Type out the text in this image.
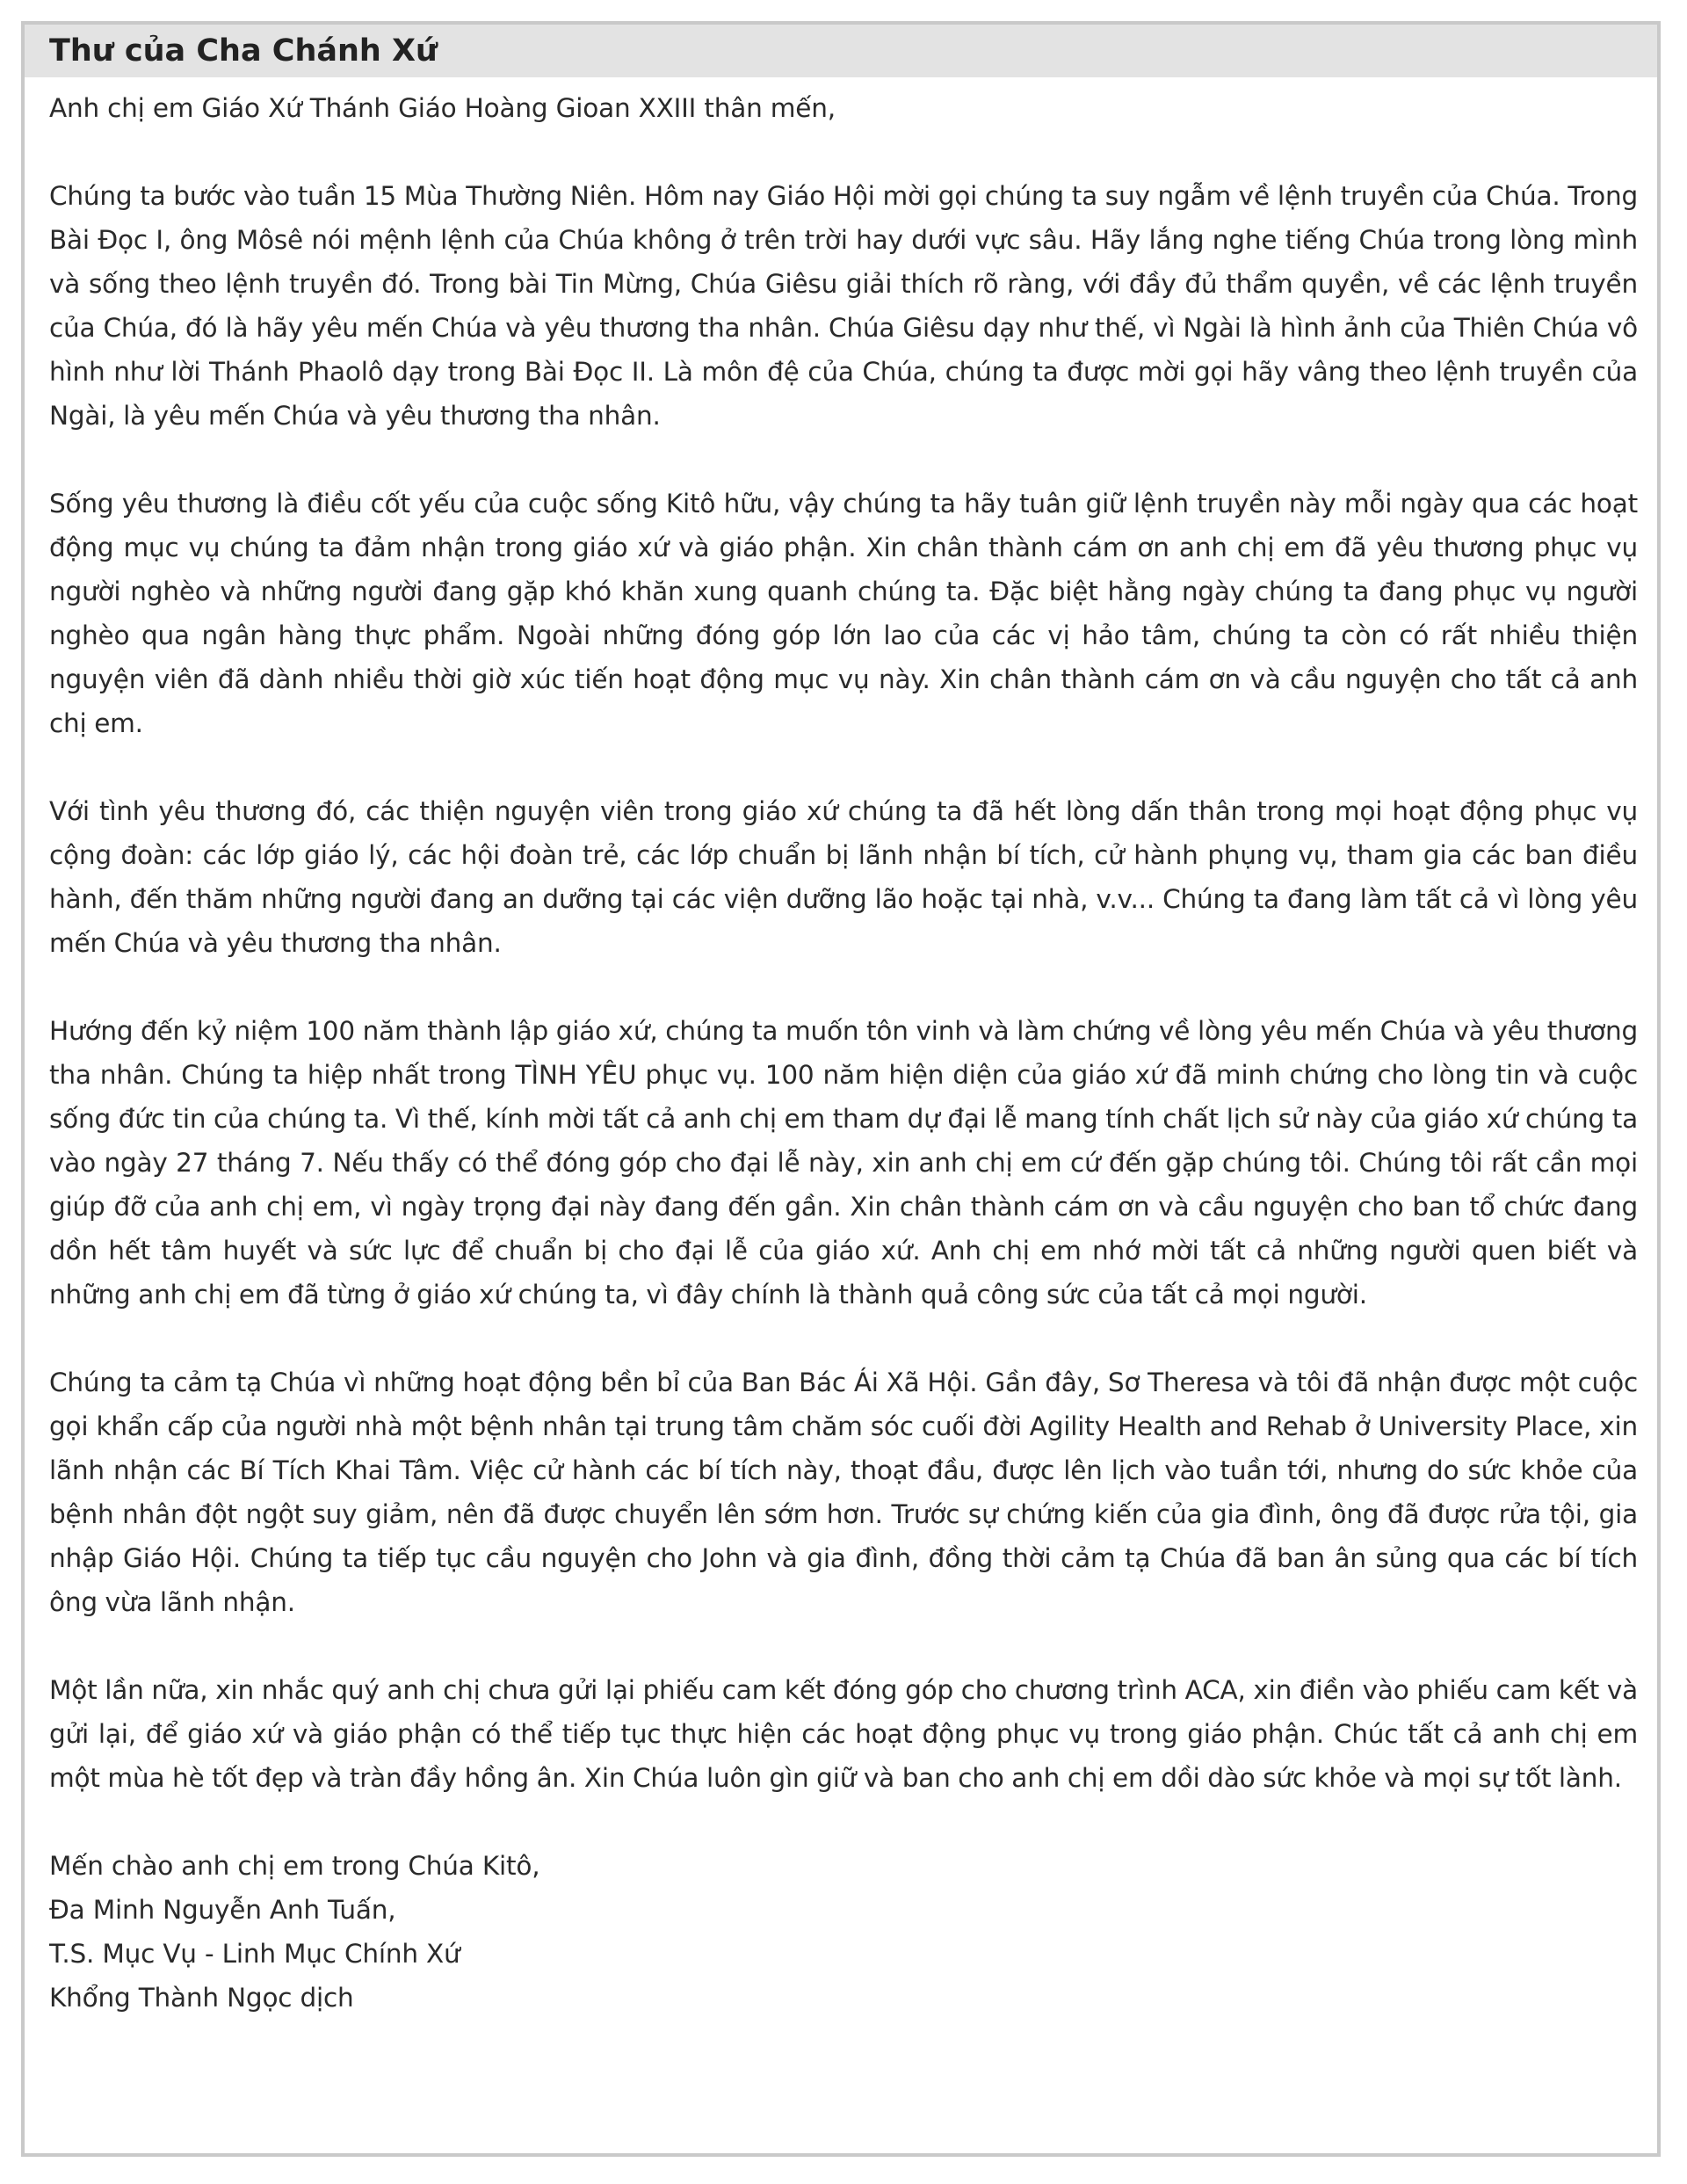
Thư của Cha Chánh Xứ

Anh chị em Giáo Xứ Thánh Giáo Hoàng Gioan XXIII thân mến,

Chúng ta bước vào tuần 15 Mùa Thường Niên. Hôm nay Giáo Hội mời gọi chúng ta suy ngẫm về lệnh truyền của Chúa. Trong Bài Đọc I, ông Môsê nói mệnh lệnh của Chúa không ở trên trời hay dưới vực sâu. Hãy lắng nghe tiếng Chúa trong lòng mình và sống theo lệnh truyền đó. Trong bài Tin Mừng, Chúa Giêsu giải thích rõ ràng, với đầy đủ thẩm quyền, về các lệnh truyền của Chúa, đó là hãy yêu mến Chúa và yêu thương tha nhân. Chúa Giêsu dạy như thế, vì Ngài là hình ảnh của Thiên Chúa vô hình như lời Thánh Phaolô dạy trong Bài Đọc II. Là môn đệ của Chúa, chúng ta được mời gọi hãy vâng theo lệnh truyền của Ngài, là yêu mến Chúa và yêu thương tha nhân.

Sống yêu thương là điều cốt yếu của cuộc sống Kitô hữu, vậy chúng ta hãy tuân giữ lệnh truyền này mỗi ngày qua các hoạt động mục vụ chúng ta đảm nhận trong giáo xứ và giáo phận. Xin chân thành cám ơn anh chị em đã yêu thương phục vụ người nghèo và những người đang gặp khó khăn xung quanh chúng ta. Đặc biệt hằng ngày chúng ta đang phục vụ người nghèo qua ngân hàng thực phẩm. Ngoài những đóng góp lớn lao của các vị hảo tâm, chúng ta còn có rất nhiều thiện nguyện viên đã dành nhiều thời giờ xúc tiến hoạt động mục vụ này. Xin chân thành cám ơn và cầu nguyện cho tất cả anh chị em.

Với tình yêu thương đó, các thiện nguyện viên trong giáo xứ chúng ta đã hết lòng dấn thân trong mọi hoạt động phục vụ cộng đoàn: các lớp giáo lý, các hội đoàn trẻ, các lớp chuẩn bị lãnh nhận bí tích, cử hành phụng vụ, tham gia các ban điều hành, đến thăm những người đang an dưỡng tại các viện dưỡng lão hoặc tại nhà, v.v... Chúng ta đang làm tất cả vì lòng yêu mến Chúa và yêu thương tha nhân.

Hướng đến kỷ niệm 100 năm thành lập giáo xứ, chúng ta muốn tôn vinh và làm chứng về lòng yêu mến Chúa và yêu thương tha nhân. Chúng ta hiệp nhất trong TÌNH YÊU phục vụ. 100 năm hiện diện của giáo xứ đã minh chứng cho lòng tin và cuộc sống đức tin của chúng ta. Vì thế, kính mời tất cả anh chị em tham dự đại lễ mang tính chất lịch sử này của giáo xứ chúng ta vào ngày 27 tháng 7. Nếu thấy có thể đóng góp cho đại lễ này, xin anh chị em cứ đến gặp chúng tôi. Chúng tôi rất cần mọi giúp đỡ của anh chị em, vì ngày trọng đại này đang đến gần. Xin chân thành cám ơn và cầu nguyện cho ban tổ chức đang dồn hết tâm huyết và sức lực để chuẩn bị cho đại lễ của giáo xứ. Anh chị em nhớ mời tất cả những người quen biết và những anh chị em đã từng ở giáo xứ chúng ta, vì đây chính là thành quả công sức của tất cả mọi người.

Chúng ta cảm tạ Chúa vì những hoạt động bền bỉ của Ban Bác Ái Xã Hội. Gần đây, Sơ Theresa và tôi đã nhận được một cuộc gọi khẩn cấp của người nhà một bệnh nhân tại trung tâm chăm sóc cuối đời Agility Health and Rehab ở University Place, xin lãnh nhận các Bí Tích Khai Tâm. Việc cử hành các bí tích này, thoạt đầu, được lên lịch vào tuần tới, nhưng do sức khỏe của bệnh nhân đột ngột suy giảm, nên đã được chuyển lên sớm hơn. Trước sự chứng kiến của gia đình, ông đã được rửa tội, gia nhập Giáo Hội. Chúng ta tiếp tục cầu nguyện cho John và gia đình, đồng thời cảm tạ Chúa đã ban ân sủng qua các bí tích ông vừa lãnh nhận.

Một lần nữa, xin nhắc quý anh chị chưa gửi lại phiếu cam kết đóng góp cho chương trình ACA, xin điền vào phiếu cam kết và gửi lại, để giáo xứ và giáo phận có thể tiếp tục thực hiện các hoạt động phục vụ trong giáo phận. Chúc tất cả anh chị em một mùa hè tốt đẹp và tràn đầy hồng ân. Xin Chúa luôn gìn giữ và ban cho anh chị em dồi dào sức khỏe và mọi sự tốt lành.

Mến chào anh chị em trong Chúa Kitô,
Đa Minh Nguyễn Anh Tuấn,
T.S. Mục Vụ - Linh Mục Chính Xứ
Khổng Thành Ngọc dịch
